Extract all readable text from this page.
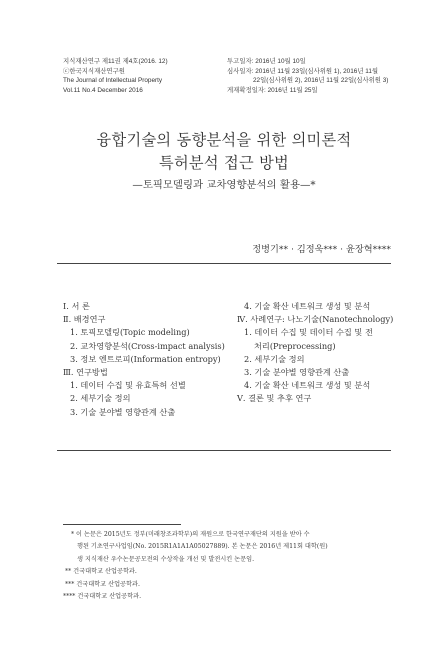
지식재산연구 제11권 제4호(2016. 12)
ⓒ한국지식재산연구원
The Journal of Intellectual Property
Vol.11 No.4 December 2016
투고일자: 2016년 10월 10일
심사일자: 2016년 11월 23일(심사위원 1), 2016년 11월
22일(심사위원 2), 2016년 11월 22일(심사위원 3)
게재확정일자: 2016년 11월 25일
융합기술의 동향분석을 위한 의미론적
특허분석 접근 방법
—토픽모델링과 교차영향분석의 활용—*
정병기** · 김정욱*** · 윤장혁****
Ⅰ. 서 론
Ⅱ. 배경연구
1. 토픽모델링(Topic modeling)
2. 교차영향분석(Cross-impact analysis)
3. 정보 엔트로피(Information entropy)
Ⅲ. 연구방법
1. 데이터 수집 및 유효특허 선별
2. 세부기술 정의
3. 기술 분야별 영향관계 산출
4. 기술 확산 네트워크 생성 및 분석
Ⅳ. 사례연구: 나노기술(Nanotechnology)
1. 데이터 수집 및 데이터 수집 및 전
처리(Preprocessing)
2. 세부기술 정의
3. 기술 분야별 영향관계 산출
4. 기술 확산 네트워크 생성 및 분석
Ⅴ. 결론 및 추후 연구
* 이 논문은 2015년도 정부(미래창조과학부)의 재원으로 한국연구재단의 지원을 받아 수
행된 기초연구사업임(No. 2015R1A1A1A05027889). 본 논문은 2016년 제11회 대학(원)
생 지식재산 우수논문공모전의 수상작을 개선 및 발전시킨 논문임.
** 건국대학교 산업공학과.
*** 건국대학교 산업공학과.
**** 건국대학교 산업공학과.
